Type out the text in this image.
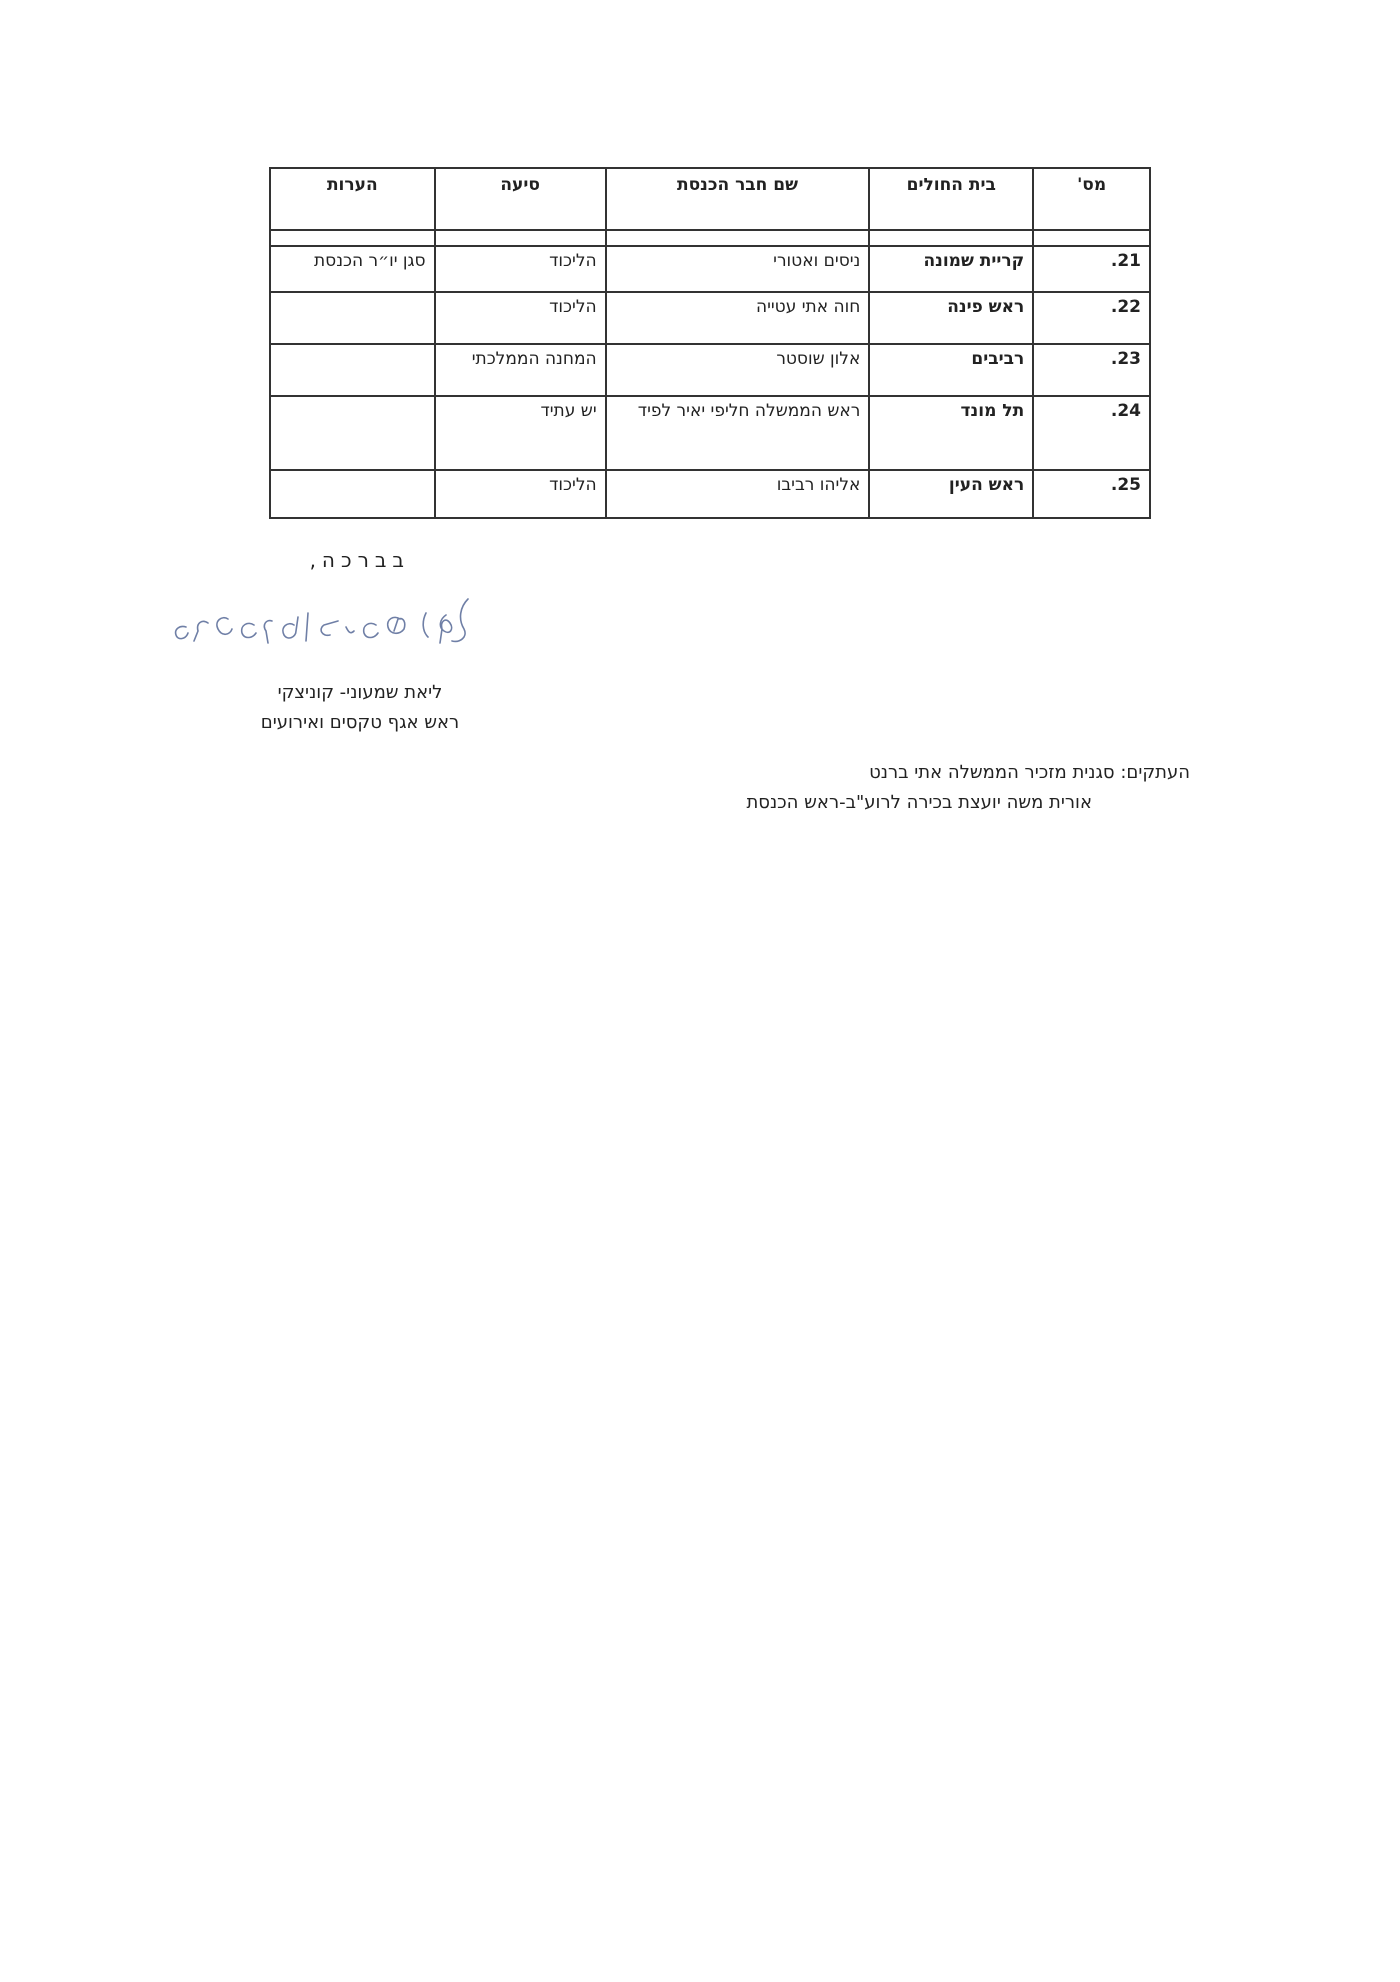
מס'	בית החולים	שם חבר הכנסת	סיעה	הערות

21.	קריית שמונה	ניסים ואטורי	הליכוד	סגן יו״ר הכנסת
22.	ראש פינה	חוה אתי עטייה	הליכוד	
23.	רביבים	אלון שוסטר	המחנה הממלכתי	
24.	תל מונד	ראש הממשלה חליפי יאיר לפיד	יש עתיד	
25.	ראש העין	אליהו רביבו	הליכוד	
בברכה,
ליאת שמעוני- קוניצקי
ראש אגף טקסים ואירועים
העתקים: סגנית מזכיר הממשלה אתי ברנט
אורית משה יועצת בכירה לרוע"ב-ראש הכנסת
